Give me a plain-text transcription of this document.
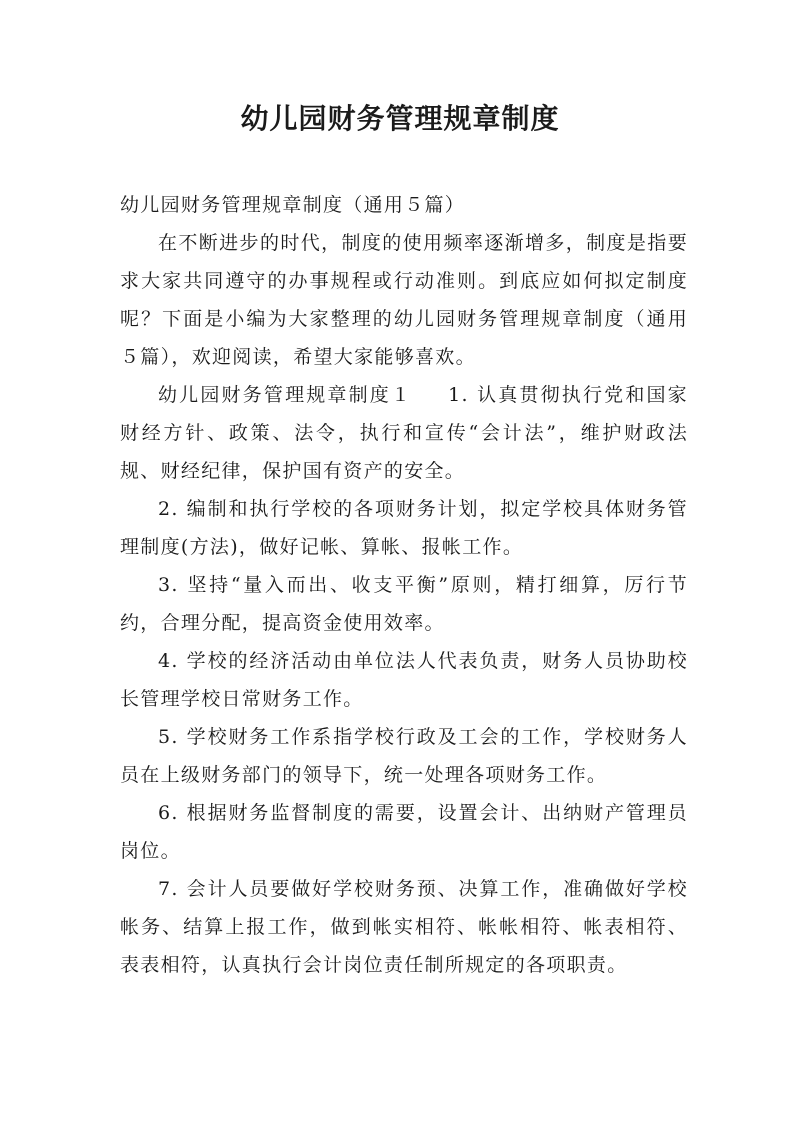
幼儿园财务管理规章制度

幼儿园财务管理规章制度（通用５篇）

在不断进步的时代，制度的使用频率逐渐增多，制度是指要求大家共同遵守的办事规程或行动准则。到底应如何拟定制度呢？下面是小编为大家整理的幼儿园财务管理规章制度（通用５篇），欢迎阅读，希望大家能够喜欢。

幼儿园财务管理规章制度１ 1. 认真贯彻执行党和国家财经方针、政策、法令，执行和宣传“会计法”，维护财政法规、财经纪律，保护国有资产的安全。

2. 编制和执行学校的各项财务计划，拟定学校具体财务管理制度(方法)，做好记帐、算帐、报帐工作。

3. 坚持“量入而出、收支平衡”原则，精打细算，厉行节约，合理分配，提高资金使用效率。

4. 学校的经济活动由单位法人代表负责，财务人员协助校长管理学校日常财务工作。

5. 学校财务工作系指学校行政及工会的工作，学校财务人员在上级财务部门的领导下，统一处理各项财务工作。

6. 根据财务监督制度的需要，设置会计、出纳财产管理员岗位。

7. 会计人员要做好学校财务预、决算工作，准确做好学校帐务、结算上报工作，做到帐实相符、帐帐相符、帐表相符、表表相符，认真执行会计岗位责任制所规定的各项职责。
